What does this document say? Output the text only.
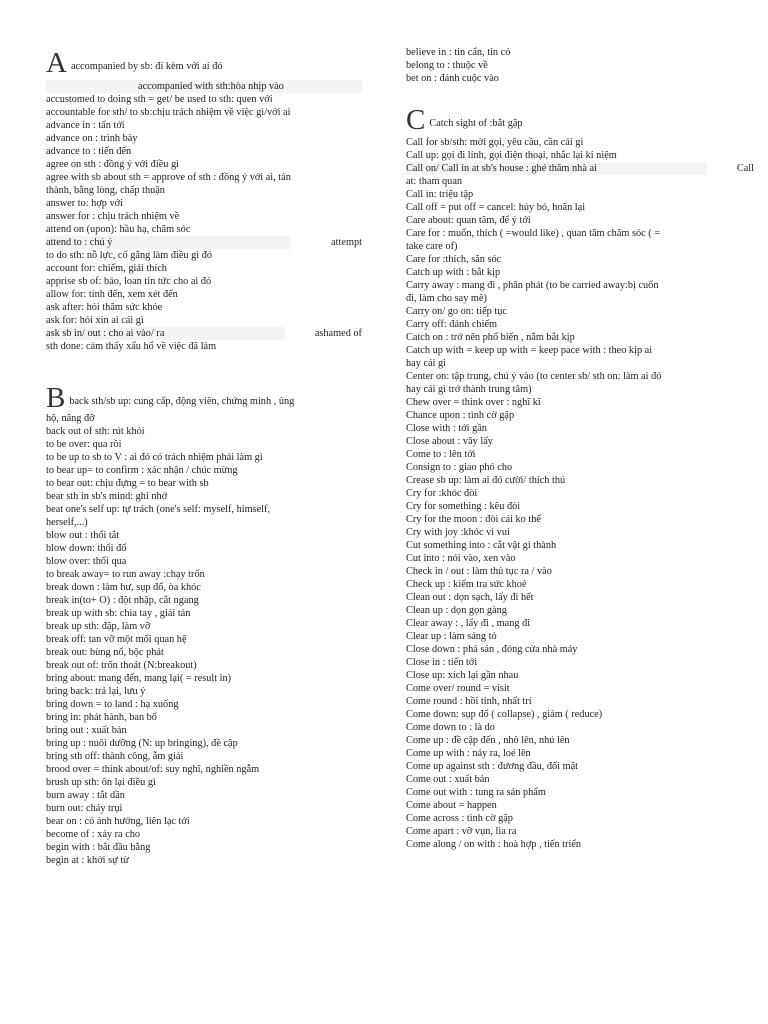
Aaccompanied by sb: đi kèm với ai đó

accompanied with sth:hòa nhịp vào

accustomed to doing sth = get/ be used to sth: quen với

accountable for sth/ to sb:chịu trách nhiệm về việc gì/với ai

advance in : tấn tới

advance on : trình bày

advance to : tiến đến

agree on sth : đồng ý với điều gì

agree with sb about sth = approve of sth : đồng ý với ai, tán

thành, bằng lòng, chấp thuận

answer to: hợp với

answer for : chịu trách nhiệm về

attend on (upon): hầu hạ, chăm sóc

attend to : chú ý	attempt

to do sth: nỗ lực, cố gắng làm điều gì đó

account for: chiếm, giải thích

apprise sb of: báo, loan tin tức cho ai đó

allow for: tính đến, xem xét đến

ask after: hỏi thăm sức khỏe

ask for: hỏi xin ai cái gì

ask sb in/ out : cho ai vào/ ra	ashamed of

sth done: cảm thấy xấu hổ về việc đã làm

Bback sth/sb up: cung cấp, động viên, chứng minh , ủng

hộ, nâng đỡ

back out of sth: rút khỏi

to be over: qua rồi

to be up to sb to V : ai đó có trách nhiệm phải làm gì

to bear up= to confirm : xác nhận / chúc mừng

to bear out: chịu đựng = to bear with sb

bear sth in sb's mind: ghi nhớ

beat one's self up: tự trách (one's self: myself, himself,

herself,...)

blow out : thổi tắt

blow down: thổi đổ

blow over: thổi qua

to break away= to run away :chạy trốn

break down : làm hư, sụp đổ, òa khóc

break in(to+ O) : đột nhập, cắt ngang

break up with sb: chia tay , giải tán

break up sth: đập, làm vỡ

break off: tan vỡ một mối quan hệ

break out: bùng nổ, bộc phát

break out of: trốn thoát (N:breakout)

bring about: mang đến, mang lại( = result in)

bring back: trả lại, lưu ý

bring down = to land : hạ xuống

bring in: phát hành, ban bố

bring out : xuất bản

bring up : nuôi dưỡng (N: up bringing), đề cập

bring sth off: thành công, ẵm giải

brood over = think about/of: suy nghĩ, nghiền ngẫm

brush up sth: ôn lại điều gì

burn away : tắt dần

burn out: cháy trụi

bear on : có ảnh hưởng, liên lạc tới

become of : xảy ra cho

begin with : bắt đầu bằng

begin at : khởi sự từ

believe in : tin cẩn, tin có

belong to : thuộc về

bet on : đánh cuộc vào

C Catch sight of :bắt gặp

Call for sb/sth: mời gọi, yêu cầu, cần cái gì

Call up: gọi đi lính, gọi điện thoại, nhắc lại kỉ niệm

Call on/ Call in at sb's house : ghé thăm nhà ai	Call

at: tham quan

Call in: triệu tập

Call off = put off = cancel: hủy bỏ, hoãn lại

Care about: quan tâm, để ý tới

Care for : muốn, thích ( =would like) , quan tâm chăm sóc ( =

take care of)

Care for :thích, săn sóc

Catch up with : bắt kịp

Carry away : mang đi , phân phát (to be carried away:bị cuốn

đi, làm cho say mê)

Carry on/ go on: tiếp tục

Carry off: đánh chiếm

Catch on : trở nên phổ biến , nắm bắt kịp

Catch up with = keep up with = keep pace with : theo kịp ai

hay cái gì

Center on: tập trung, chú ý vào (to center sb/ sth on: làm ai đó

hay cái gì trở thành trung tâm)

Chew over = think over : nghĩ kĩ

Chance upon : tình cờ gặp

Close with : tới gần

Close about : vây lấy

Come to : lên tới

Consign to : giao phó cho

Crease sb up: làm ai đó cười/ thích thú

Cry for :khóc đòi

Cry for something : kêu đòi

Cry for the moon : đòi cái ko thể

Cry with joy :khóc vì vui

Cut something into : cắt vật gì thành

Cut into : nói vào, xen vào

Check in / out : làm thủ tục ra / vào

Check up : kiểm tra sức khoẻ

Clean out : dọn sạch, lấy đi hết

Clean up : dọn gọn gàng

Clear away : , lấy đi , mang đi

Clear up : làm sáng tỏ

Close down : phá sản , đóng cửa nhà máy

Close in : tiến tới

Close up: xích lại gần nhau

Come over/ round = visit

Come round : hồi tỉnh, nhất trí

Come down: sụp đổ ( collapse) , giảm ( reduce)

Come down to : là do

Come up : đề cập đến , nhô lên, nhú lên

Come up with : nảy ra, loé lên

Come up against sth : đương đầu, đối mặt

Come out : xuất bản

Come out with : tung ra sản phẩm

Come about = happen

Come across : tình cờ gặp

Come apart : vỡ vụn, lìa ra

Come along / on with : hoà hợp , tiến triển
